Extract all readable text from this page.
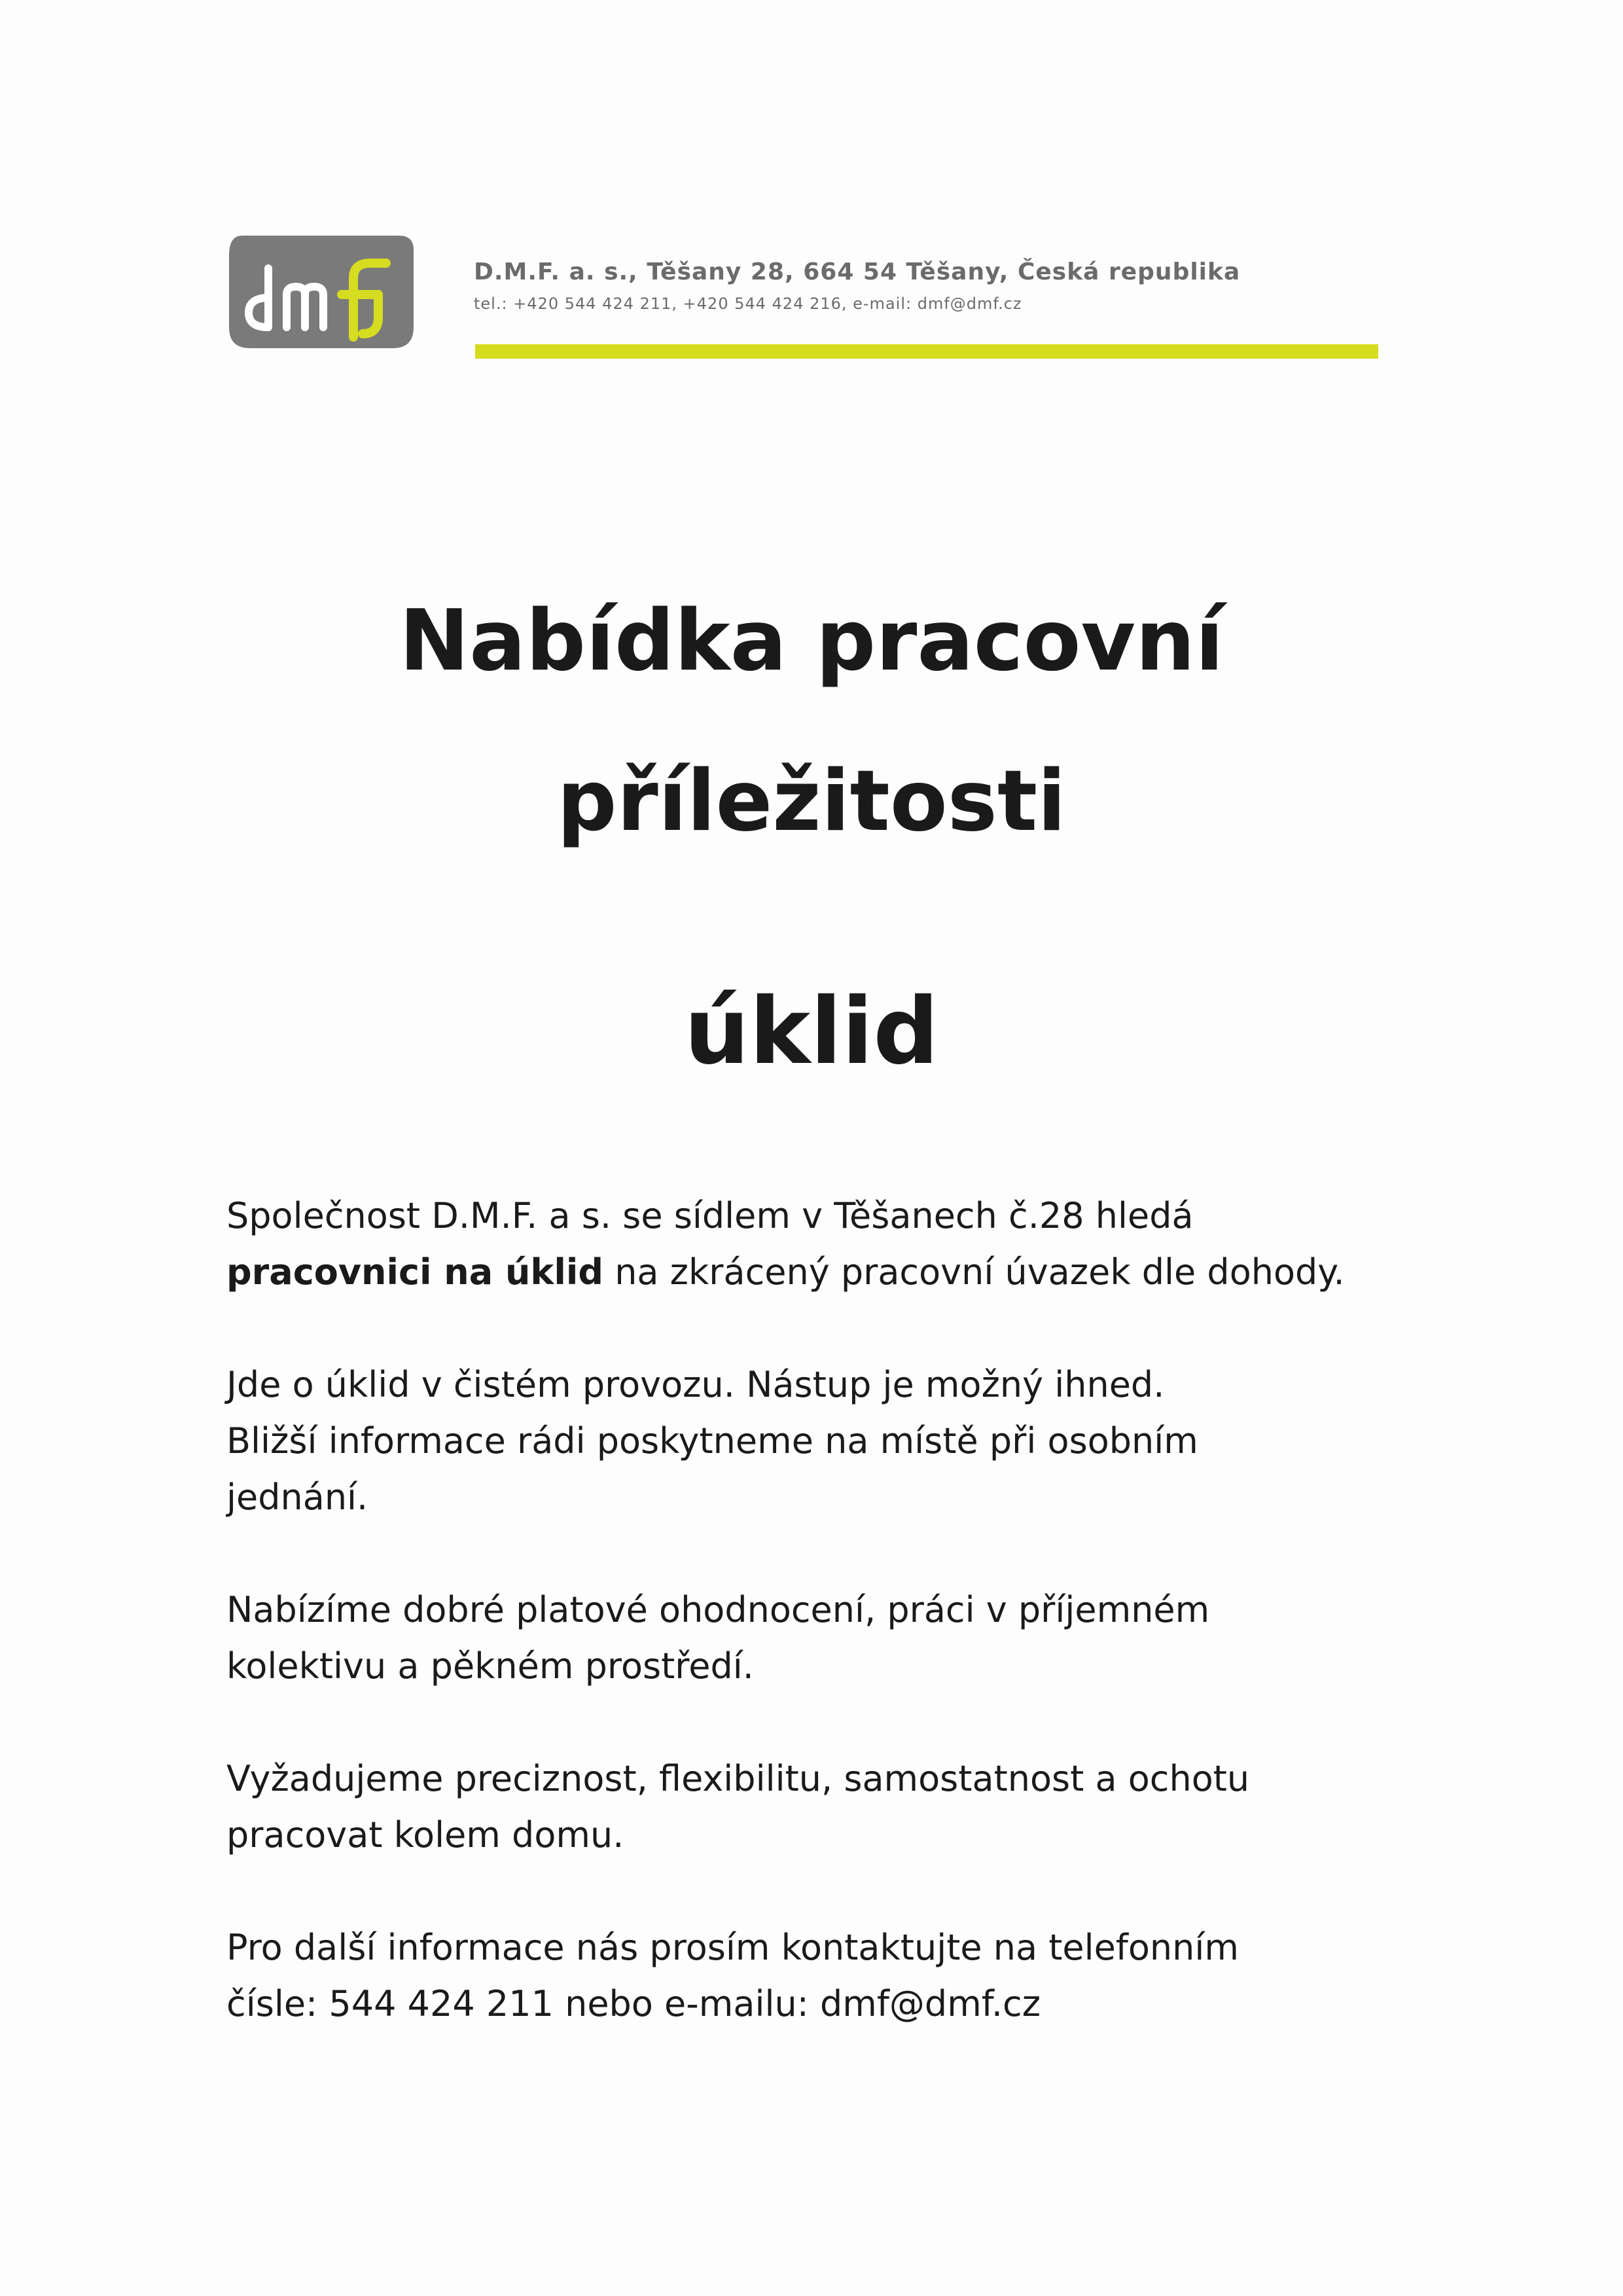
D.M.F. a. s., Těšany 28, 664 54 Těšany, Česká republika
tel.: +420 544 424 211, +420 544 424 216, e-mail: dmf@dmf.cz
Nabídka pracovní
příležitosti
úklid

Společnost D.M.F. a s. se sídlem v Těšanech č.28 hledá
pracovnici na úklid na zkrácený pracovní úvazek dle dohody.

Jde o úklid v čistém provozu. Nástup je možný ihned.
Bližší informace rádi poskytneme na místě při osobním
jednání.

Nabízíme dobré platové ohodnocení, práci v příjemném
kolektivu a pěkném prostředí.

Vyžadujeme preciznost, flexibilitu, samostatnost a ochotu
pracovat kolem domu.

Pro další informace nás prosím kontaktujte na telefonním
čísle: 544 424 211 nebo e-mailu: dmf@dmf.cz
